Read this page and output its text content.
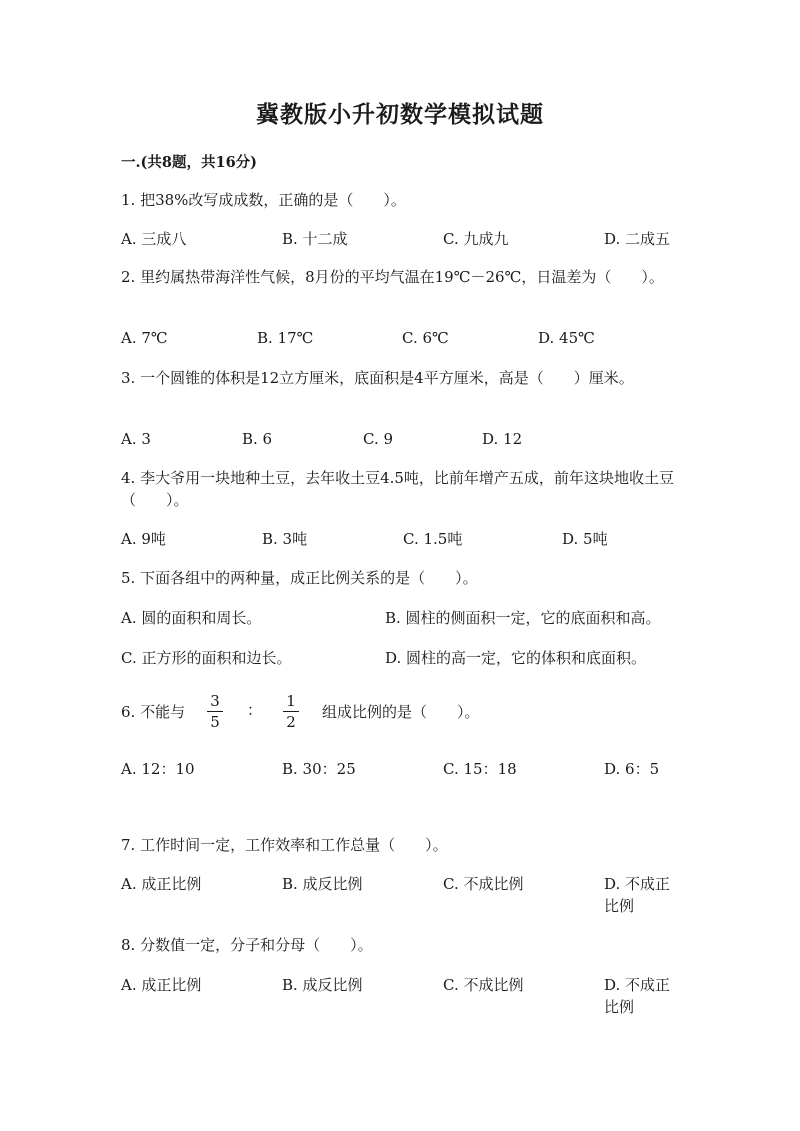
冀教版小升初数学模拟试题
一.(共8题，共16分)
1. 把38%改写成成数，正确的是（　　）。
A. 三成八	B. 十二成	C. 九成九	D. 二成五
2. 里约属热带海洋性气候，8月份的平均气温在19℃－26℃，日温差为（　　）。
A. 7℃	B. 17℃	C. 6℃	D. 45℃
3. 一个圆锥的体积是12立方厘米，底面积是4平方厘米，高是（　　）厘米。
A. 3	B. 6	C. 9	D. 12
4. 李大爷用一块地种土豆，去年收土豆4.5吨，比前年增产五成，前年这块地收土豆（　　）。
A. 9吨	B. 3吨	C. 1.5吨	D. 5吨
5. 下面各组中的两种量，成正比例关系的是（　　）。
A. 圆的面积和周长。	B. 圆柱的侧面积一定，它的底面积和高。
C. 正方形的面积和边长。	D. 圆柱的高一定，它的体积和底面积。
6. 不能与
3
5
：	1
2
组成比例的是（　　）。
A. 12：10	B. 30：25	C. 15：18	D. 6：5
7. 工作时间一定，工作效率和工作总量（　　）。
A. 成正比例	B. 成反比例	C. 不成比例	D. 不成正比例
8. 分数值一定，分子和分母（　　）。
A. 成正比例	B. 成反比例	C. 不成比例	D. 不成正比例
